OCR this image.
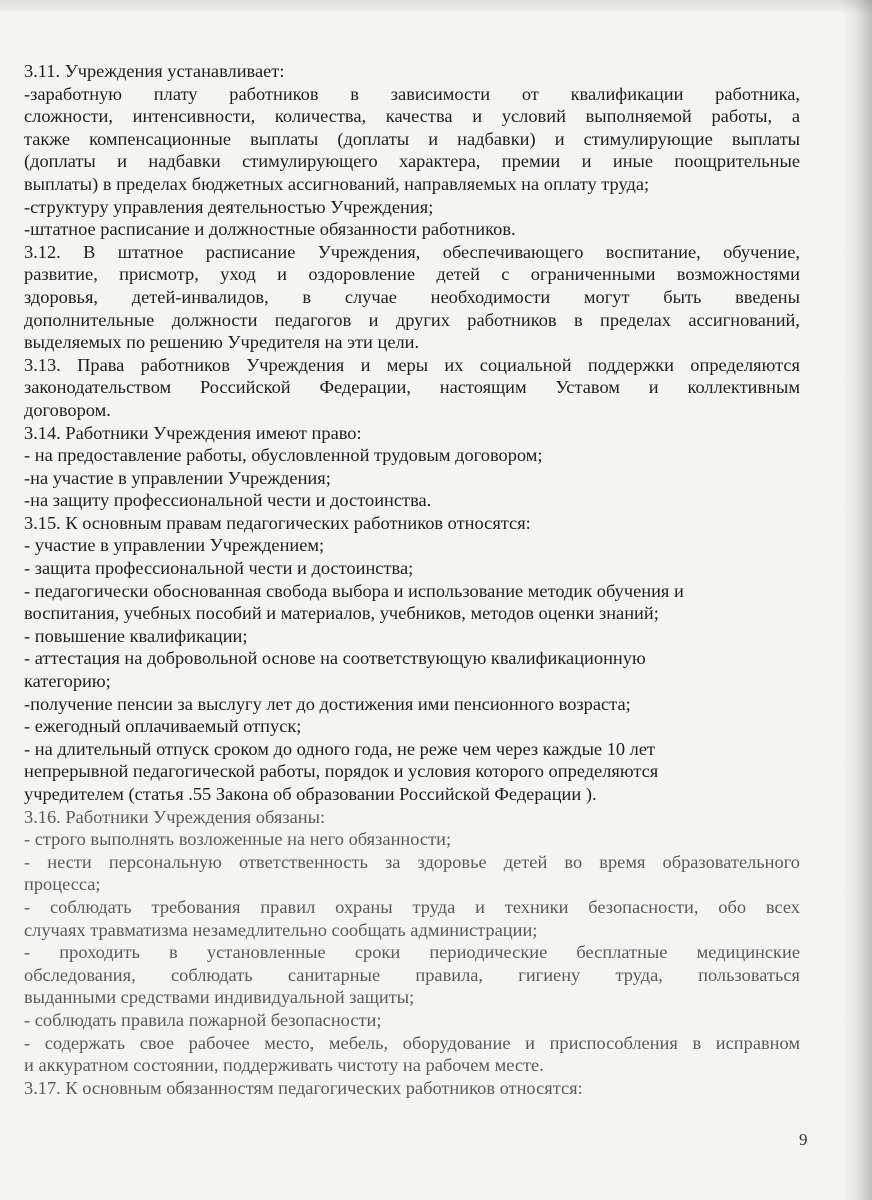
3.11. Учреждения устанавливает:
-заработную плату работников в зависимости от квалификации работника,
сложности, интенсивности, количества, качества и условий выполняемой работы, а
также компенсационные выплаты (доплаты и надбавки) и стимулирующие выплаты
(доплаты и надбавки стимулирующего характера, премии и иные поощрительные
выплаты) в пределах бюджетных ассигнований, направляемых на оплату труда;
-структуру управления деятельностью Учреждения;
-штатное расписание и должностные обязанности работников.
3.12. В штатное расписание Учреждения, обеспечивающего воспитание, обучение,
развитие, присмотр, уход и оздоровление детей с ограниченными возможностями
здоровья, детей-инвалидов, в случае необходимости могут быть введены
дополнительные должности педагогов и других работников в пределах ассигнований,
выделяемых по решению Учредителя на эти цели.
3.13. Права работников Учреждения и меры их социальной поддержки определяются
законодательством Российской Федерации, настоящим Уставом и коллективным
договором.
3.14. Работники Учреждения имеют право:
- на предоставление работы, обусловленной трудовым договором;
-на участие в управлении Учреждения;
-на защиту профессиональной чести и достоинства.
3.15. К основным правам педагогических работников относятся:
- участие в управлении Учреждением;
- защита профессиональной чести и достоинства;
- педагогически обоснованная свобода выбора и использование методик обучения и
воспитания, учебных пособий и материалов, учебников, методов оценки знаний;
- повышение квалификации;
- аттестация на добровольной основе на соответствующую квалификационную
категорию;
-получение пенсии за выслугу лет до достижения ими пенсионного возраста;
- ежегодный оплачиваемый отпуск;
- на длительный отпуск сроком до одного года, не реже чем через каждые 10 лет
непрерывной педагогической работы, порядок и условия которого определяются
учредителем (статья .55 Закона об образовании Российской Федерации ).
3.16. Работники Учреждения обязаны:
- строго выполнять возложенные на него обязанности;
- нести персональную ответственность за здоровье детей во время образовательного
процесса;
- соблюдать требования правил охраны труда и техники безопасности, обо всех
случаях травматизма незамедлительно сообщать администрации;
- проходить в установленные сроки периодические бесплатные медицинские
обследования, соблюдать санитарные правила, гигиену труда, пользоваться
выданными средствами индивидуальной защиты;
- соблюдать правила пожарной безопасности;
- содержать свое рабочее место, мебель, оборудование и приспособления в исправном
и аккуратном состоянии, поддерживать чистоту на рабочем месте.
3.17. К основным обязанностям педагогических работников относятся:
9
